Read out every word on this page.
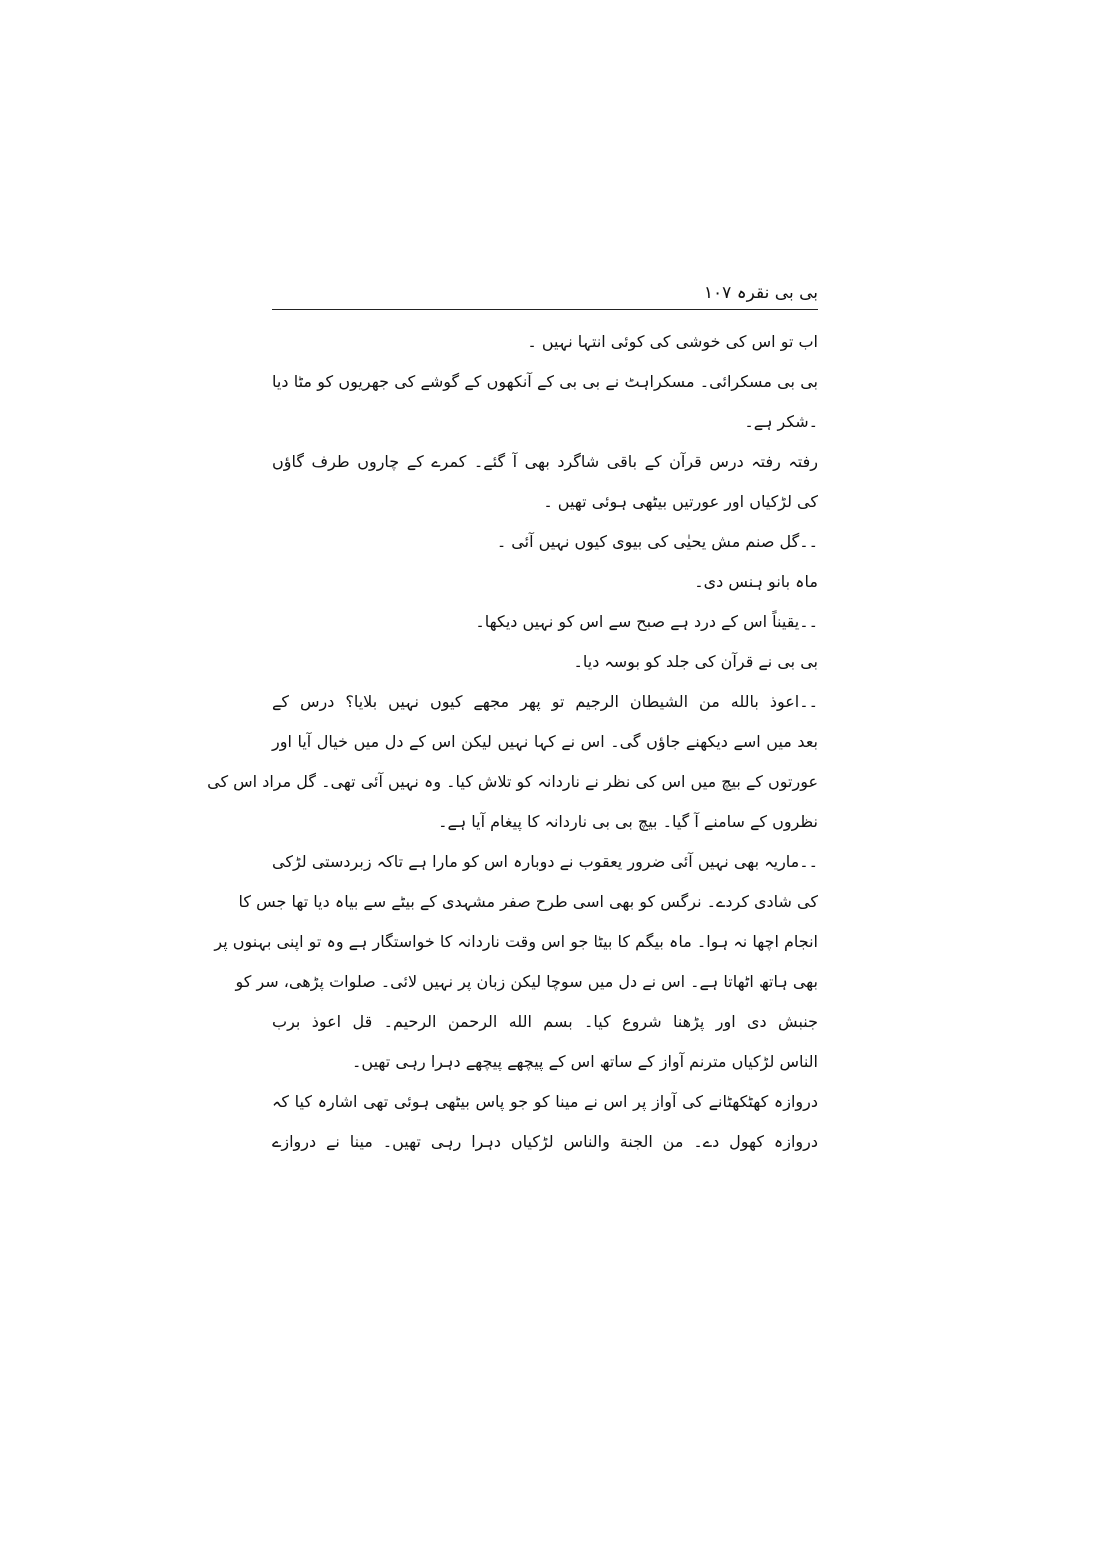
بی بی نقرہ ۱۰۷
اب تو اس کی خوشی کی کوئی انتہا نہیں ۔
بی بی مسکرائی۔ مسکراہٹ نے بی بی کے آنکھوں کے گوشے کی جھریوں کو مٹا دیا
۔شکر ہے۔
رفتہ رفتہ درس قرآن کے باقی شاگرد بھی آ گئے۔ کمرے کے چاروں طرف گاؤں
کی لڑکیاں اور عورتیں بیٹھی ہوئی تھیں ۔
۔۔گل صنم مش یحیٰی کی بیوی کیوں نہیں آئی ۔
ماہ بانو ہنس دی۔
۔۔یقیناً اس کے درد ہے صبح سے اس کو نہیں دیکھا۔
بی بی نے قرآن کی جلد کو بوسہ دیا۔
۔۔اعوذ بالله من الشيطان الرجيم تو پھر مجھے کیوں نہیں بلایا؟ درس کے
بعد میں اسے دیکھنے جاؤں گی۔ اس نے کہا نہیں لیکن اس کے دل میں خیال آیا اور
عورتوں کے بیچ میں اس کی نظر نے ناردانہ کو تلاش کیا۔ وہ نہیں آئی تھی۔ گل مراد اس کی
نظروں کے سامنے آ گیا۔ بیچ بی بی ناردانہ کا پیغام آیا ہے۔
۔۔ماریہ بھی نہیں آئی ضرور یعقوب نے دوبارہ اس کو مارا ہے تاکہ زبردستی لڑکی
کی شادی کردے۔ نرگس کو بھی اسی طرح صفر مشہدی کے بیٹے سے بیاہ دیا تھا جس کا
انجام اچھا نہ ہوا۔ ماہ بیگم کا بیٹا جو اس وقت ناردانہ کا خواستگار ہے وہ تو اپنی بہنوں پر
بھی ہاتھ اٹھاتا ہے۔ اس نے دل میں سوچا لیکن زبان پر نہیں لائی۔ صلوات پڑھی، سر کو
جنبش دی اور پڑھنا شروع کیا۔ بسم الله الرحمن الرحيم۔ قل اعوذ برب
الناس لڑکیاں مترنم آواز کے ساتھ اس کے پیچھے پیچھے دہرا رہی تھیں۔
دروازہ کھٹکھٹانے کی آواز پر اس نے مینا کو جو پاس بیٹھی ہوئی تھی اشارہ کیا کہ
دروازہ کھول دے۔ من الجنة والناس لڑکیاں دہرا رہی تھیں۔ مینا نے دروازے
